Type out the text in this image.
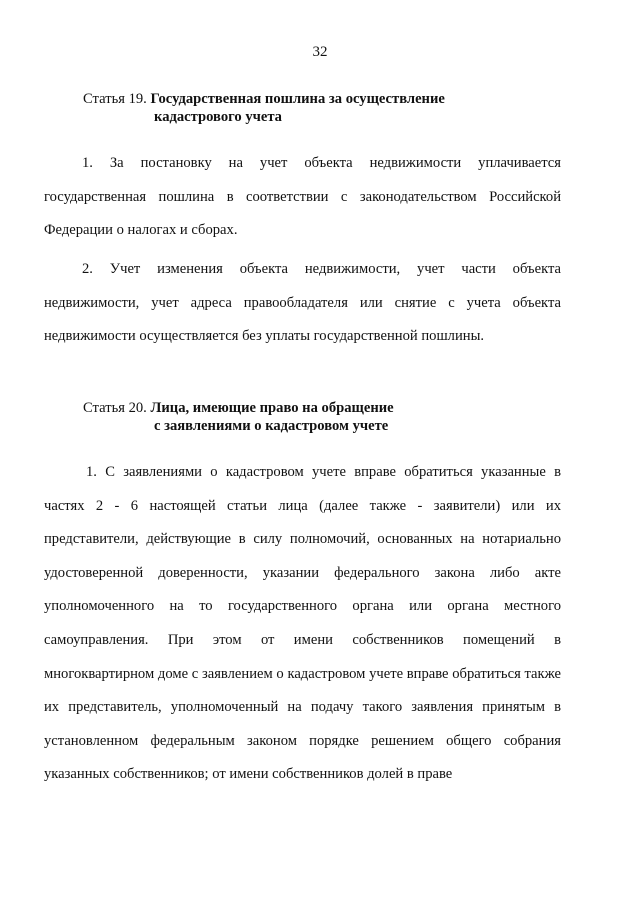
32
Статья 19. Государственная пошлина за осуществление
кадастрового учета
1. За постановку на учет объекта недвижимости уплачивается государственная пошлина в соответствии с законодательством Российской Федерации о налогах и сборах.
2. Учет изменения объекта недвижимости, учет части объекта недвижимости, учет адреса правообладателя или снятие с учета объекта недвижимости осуществляется без уплаты государственной пошлины.
Статья 20. Лица, имеющие право на обращение
с заявлениями о кадастровом учете
1. С заявлениями о кадастровом учете вправе обратиться указанные в частях 2 - 6 настоящей статьи лица (далее также - заявители) или их представители, действующие в силу полномочий, основанных на нотариально удостоверенной доверенности, указании федерального закона либо акте уполномоченного на то государственного органа или органа местного самоуправления. При этом от имени собственников помещений в многоквартирном доме с заявлением о кадастровом учете вправе обратиться также их представитель, уполномоченный на подачу такого заявления принятым в установленном федеральным законом порядке решением общего собрания указанных собственников; от имени собственников долей в праве
